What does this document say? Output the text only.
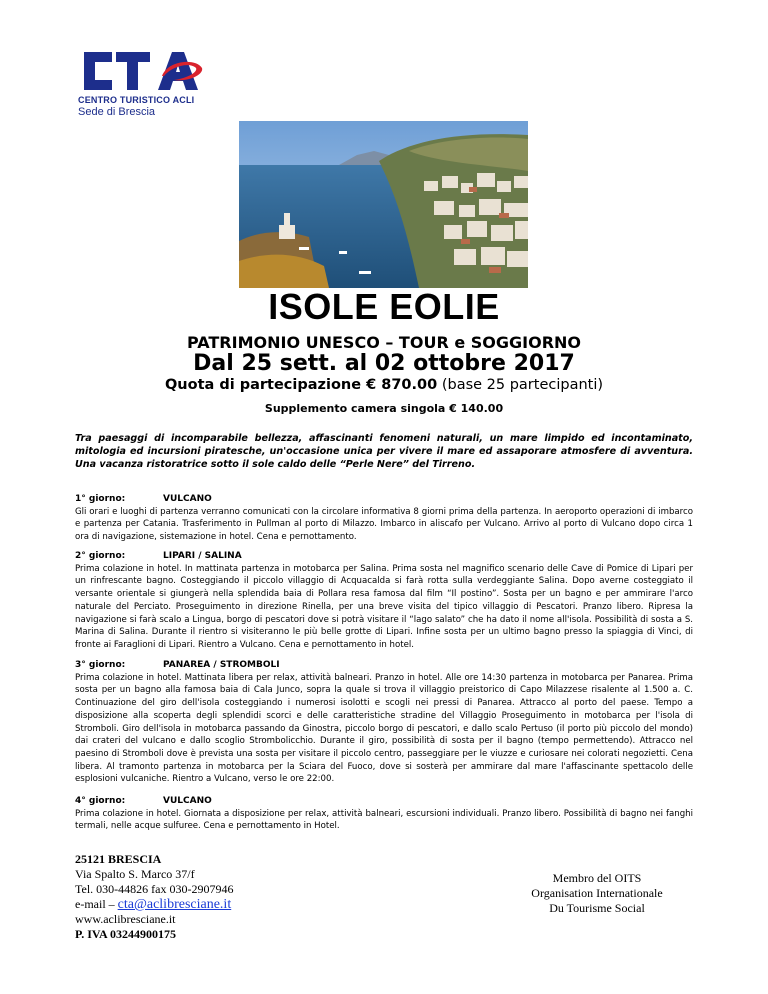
CENTRO TURISTICO ACLI
Sede di Brescia
ISOLE EOLIE
PATRIMONIO UNESCO – TOUR e SOGGIORNO
Dal 25 sett. al 02 ottobre 2017
Quota di partecipazione € 870.00 (base 25 partecipanti)
Supplemento camera singola € 140.00
Tra paesaggi di incomparabile bellezza, affascinanti fenomeni naturali, un mare limpido ed incontaminato, mitologia ed incursioni piratesche, un'occasione unica per vivere il mare ed assaporare atmosfere di avventura. Una vacanza ristoratrice sotto il sole caldo delle “Perle Nere” del Tirreno.
1° giorno:	VULCANO
Gli orari e luoghi di partenza verranno comunicati con la circolare informativa 8 giorni prima della partenza. In aeroporto operazioni di imbarco e partenza per Catania. Trasferimento in Pullman al porto di Milazzo. Imbarco in aliscafo per Vulcano. Arrivo al porto di Vulcano dopo circa 1 ora di navigazione, sistemazione in hotel. Cena e pernottamento.
2° giorno:	LIPARI / SALINA
Prima colazione in hotel. In mattinata partenza in motobarca per Salina. Prima sosta nel magnifico scenario delle Cave di Pomice di Lipari per un rinfrescante bagno. Costeggiando il piccolo villaggio di Acquacalda si farà rotta sulla verdeggiante Salina. Dopo averne costeggiato il versante orientale si giungerà nella splendida baia di Pollara resa famosa dal film “Il postino”. Sosta per un bagno e per ammirare l'arco naturale del Perciato. Proseguimento in direzione Rinella, per una breve visita del tipico villaggio di Pescatori. Pranzo libero. Ripresa la navigazione si farà scalo a Lingua, borgo di pescatori dove si potrà visitare il “lago salato” che ha dato il nome all'isola. Possibilità di sosta a S. Marina di Salina. Durante il rientro si visiteranno le più belle grotte di Lipari. Infine sosta per un ultimo bagno presso la spiaggia di Vinci, di fronte ai Faraglioni di Lipari. Rientro a Vulcano. Cena e pernottamento in hotel.
3° giorno:	PANAREA / STROMBOLI
Prima colazione in hotel. Mattinata libera per relax, attività balneari. Pranzo in hotel. Alle ore 14:30 partenza in motobarca per Panarea. Prima sosta per un bagno alla famosa baia di Cala Junco, sopra la quale si trova il villaggio preistorico di Capo Milazzese risalente al 1.500 a. C. Continuazione del giro dell'isola costeggiando i numerosi isolotti e scogli nei pressi di Panarea. Attracco al porto del paese. Tempo a disposizione alla scoperta degli splendidi scorci e delle caratteristiche stradine del Villaggio Proseguimento in motobarca per l'isola di Stromboli. Giro dell'isola in motobarca passando da Ginostra, piccolo borgo di pescatori, e dallo scalo Pertuso (il porto più piccolo del mondo) dai crateri del vulcano e dallo scoglio Strombolicchio. Durante il giro, possibilità di sosta per il bagno (tempo permettendo). Attracco nel paesino di Stromboli dove è prevista una sosta per visitare il piccolo centro, passeggiare per le viuzze e curiosare nei colorati negozietti. Cena libera. Al tramonto partenza in motobarca per la Sciara del Fuoco, dove si sosterà per ammirare dal mare l'affascinante spettacolo delle esplosioni vulcaniche. Rientro a Vulcano, verso le ore 22:00.
4° giorno:	VULCANO
Prima colazione in hotel. Giornata a disposizione per relax, attività balneari, escursioni individuali. Pranzo libero. Possibilità di bagno nei fanghi termali, nelle acque sulfuree. Cena e pernottamento in Hotel.
25121 BRESCIA
Via Spalto S. Marco 37/f
Tel. 030-44826 fax 030-2907946
e-mail – cta@aclibresciane.it
www.aclibresciane.it
P. IVA 03244900175
Membro del OITS
Organisation Internationale
Du Tourisme Social
